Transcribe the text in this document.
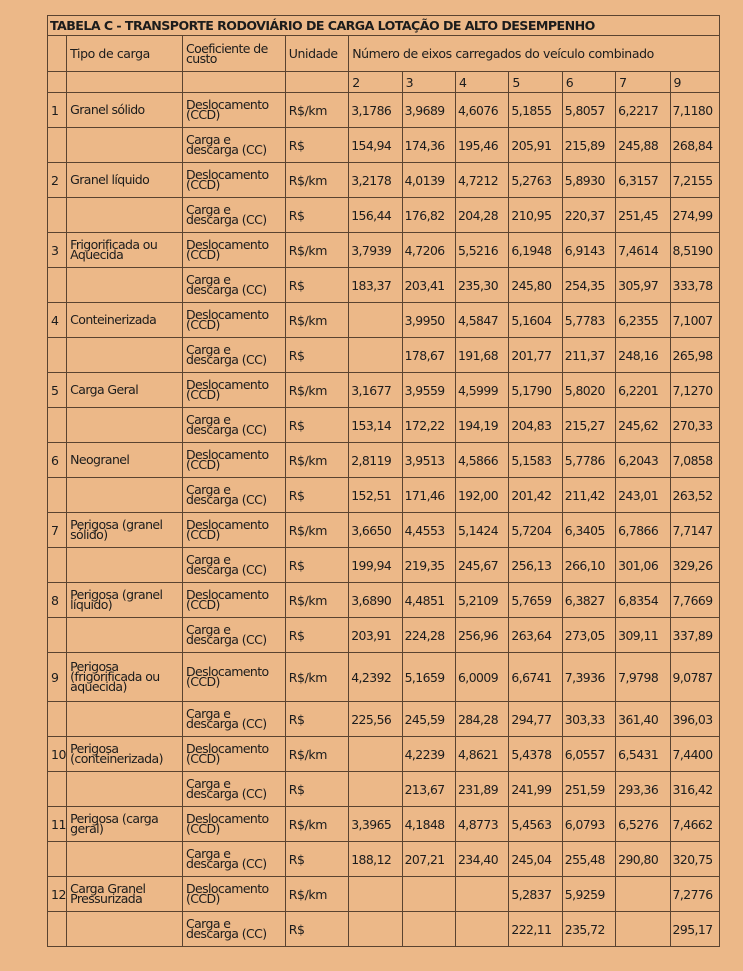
TABELA C - TRANSPORTE RODOVIÁRIO DE CARGA LOTAÇÃO DE ALTO DESEMPENHO										
	Tipo de carga	Coeficiente de custo	Unidade	Número de eixos carregados do veículo combinado						
				2	3	4	5	6	7	9
1	Granel sólido	Deslocamento (CCD)	R$/km	3,1786	3,9689	4,6076	5,1855	5,8057	6,2217	7,1180
		Carga e descarga (CC)	R$	154,94	174,36	195,46	205,91	215,89	245,88	268,84
2	Granel líquido	Deslocamento (CCD)	R$/km	3,2178	4,0139	4,7212	5,2763	5,8930	6,3157	7,2155
		Carga e descarga (CC)	R$	156,44	176,82	204,28	210,95	220,37	251,45	274,99
3	Frigorificada ou Aquecida	Deslocamento (CCD)	R$/km	3,7939	4,7206	5,5216	6,1948	6,9143	7,4614	8,5190
		Carga e descarga (CC)	R$	183,37	203,41	235,30	245,80	254,35	305,97	333,78
4	Conteinerizada	Deslocamento (CCD)	R$/km		3,9950	4,5847	5,1604	5,7783	6,2355	7,1007
		Carga e descarga (CC)	R$		178,67	191,68	201,77	211,37	248,16	265,98
5	Carga Geral	Deslocamento (CCD)	R$/km	3,1677	3,9559	4,5999	5,1790	5,8020	6,2201	7,1270
		Carga e descarga (CC)	R$	153,14	172,22	194,19	204,83	215,27	245,62	270,33
6	Neogranel	Deslocamento (CCD)	R$/km	2,8119	3,9513	4,5866	5,1583	5,7786	6,2043	7,0858
		Carga e descarga (CC)	R$	152,51	171,46	192,00	201,42	211,42	243,01	263,52
7	Perigosa (granel sólido)	Deslocamento (CCD)	R$/km	3,6650	4,4553	5,1424	5,7204	6,3405	6,7866	7,7147
		Carga e descarga (CC)	R$	199,94	219,35	245,67	256,13	266,10	301,06	329,26
8	Perigosa (granel líquido)	Deslocamento (CCD)	R$/km	3,6890	4,4851	5,2109	5,7659	6,3827	6,8354	7,7669
		Carga e descarga (CC)	R$	203,91	224,28	256,96	263,64	273,05	309,11	337,89
9	Perigosa (frigorificada ou aquecida)	Deslocamento (CCD)	R$/km	4,2392	5,1659	6,0009	6,6741	7,3936	7,9798	9,0787
		Carga e descarga (CC)	R$	225,56	245,59	284,28	294,77	303,33	361,40	396,03
10	Perigosa (conteinerizada)	Deslocamento (CCD)	R$/km		4,2239	4,8621	5,4378	6,0557	6,5431	7,4400
		Carga e descarga (CC)	R$		213,67	231,89	241,99	251,59	293,36	316,42
11	Perigosa (carga geral)	Deslocamento (CCD)	R$/km	3,3965	4,1848	4,8773	5,4563	6,0793	6,5276	7,4662
		Carga e descarga (CC)	R$	188,12	207,21	234,40	245,04	255,48	290,80	320,75
12	Carga Granel Pressurizada	Deslocamento (CCD)	R$/km				5,2837	5,9259		7,2776
		Carga e descarga (CC)	R$				222,11	235,72		295,17
